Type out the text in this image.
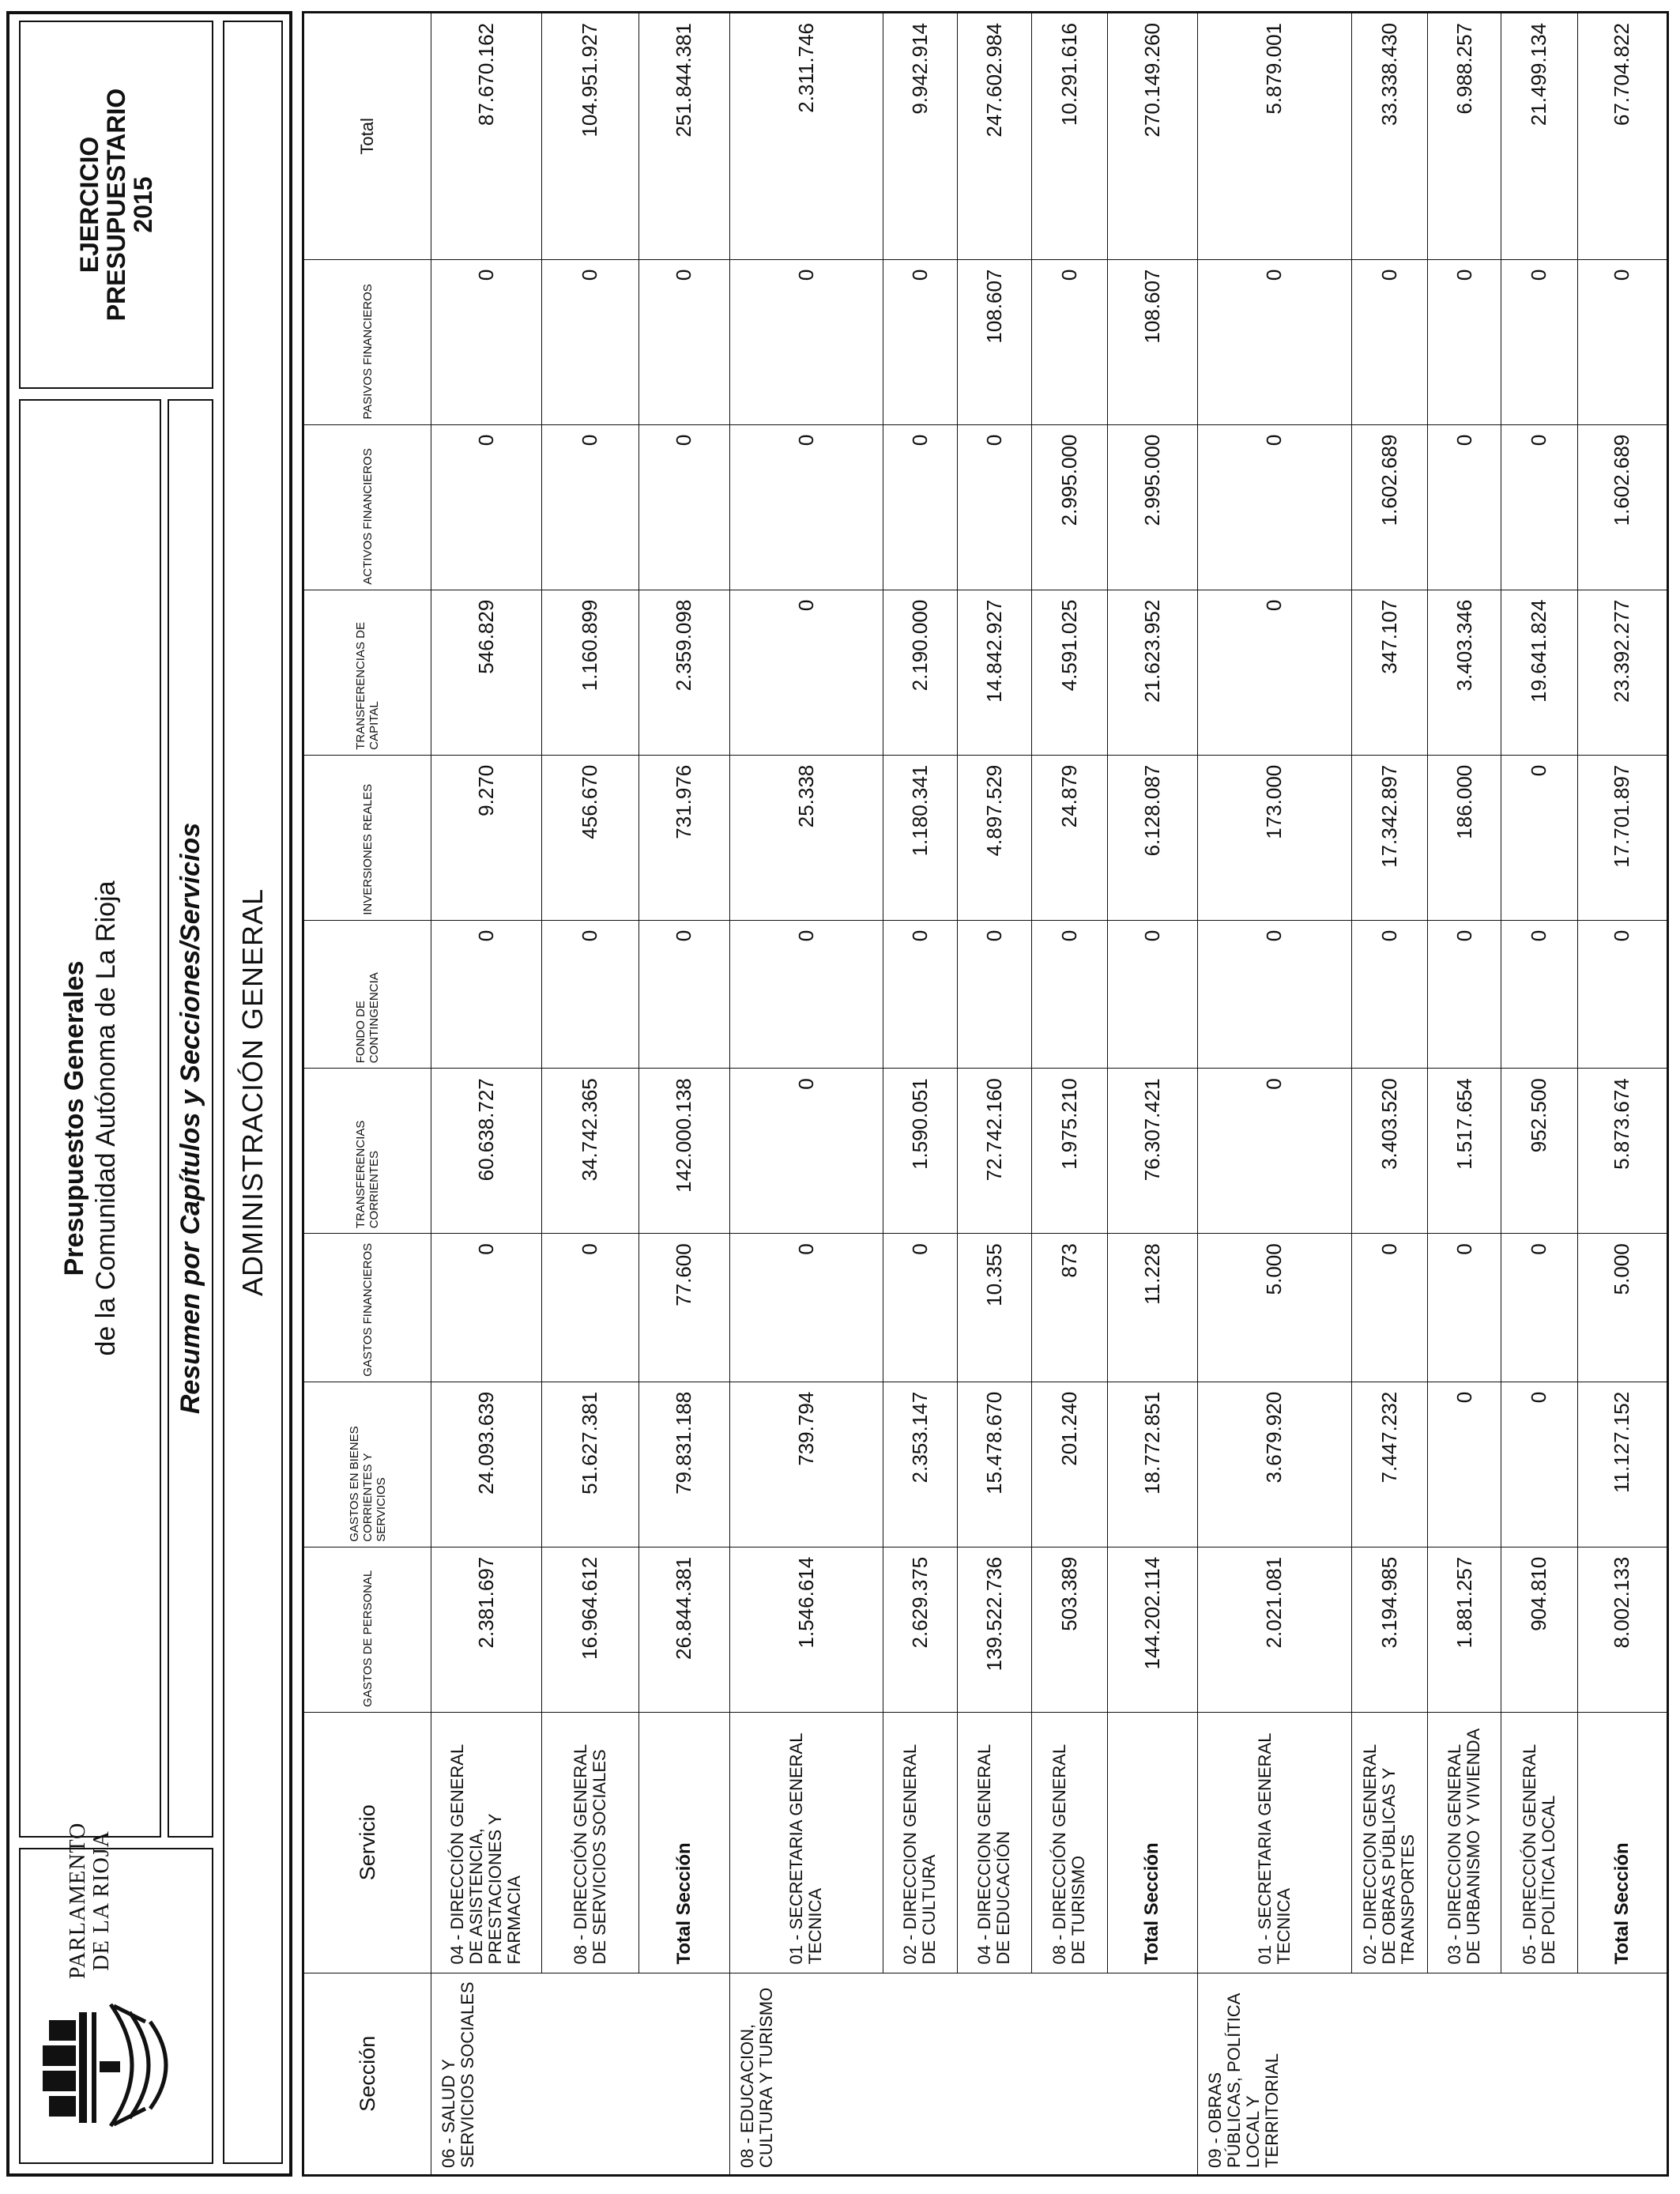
PARLAMENTO DE LA RIOJA
Presupuestos Generales de la Comunidad Autónoma de La Rioja Resumen por Capítulos y Secciones/Servicios
EJERCICIO
PRESUPUESTARIO
2015
ADMINISTRACIÓN GENERAL
Sección	Servicio	GASTOS DE PERSONAL	GASTOS EN BIENES CORRIENTES Y SERVICIOS	GASTOS FINANCIEROS	TRANSFERENCIAS CORRIENTES	FONDO DE CONTINGENCIA	INVERSIONES REALES	TRANSFERENCIAS DE CAPITAL	ACTIVOS FINANCIEROS	PASIVOS FINANCIEROS	Total
06 - SALUD Y SERVICIOS SOCIALES	04 - DIRECCIÓN GENERAL DE ASISTENCIA, PRESTACIONES Y FARMACIA	2.381.697	24.093.639	0	60.638.727	0	9.270	546.829	0	0	87.670.162
	08 - DIRECCIÓN GENERAL DE SERVICIOS SOCIALES	16.964.612	51.627.381	0	34.742.365	0	456.670	1.160.899	0	0	104.951.927
	Total Sección	26.844.381	79.831.188	77.600	142.000.138	0	731.976	2.359.098	0	0	251.844.381
08 - EDUCACION, CULTURA Y TURISMO	01 - SECRETARIA GENERAL TECNICA	1.546.614	739.794	0	0	0	25.338	0	0	0	2.311.746
	02 - DIRECCION GENERAL DE CULTURA	2.629.375	2.353.147	0	1.590.051	0	1.180.341	2.190.000	0	0	9.942.914
	04 - DIRECCION GENERAL DE EDUCACIÓN	139.522.736	15.478.670	10.355	72.742.160	0	4.897.529	14.842.927	0	108.607	247.602.984
	08 - DIRECCIÓN GENERAL DE TURISMO	503.389	201.240	873	1.975.210	0	24.879	4.591.025	2.995.000	0	10.291.616
	Total Sección	144.202.114	18.772.851	11.228	76.307.421	0	6.128.087	21.623.952	2.995.000	108.607	270.149.260
09 - OBRAS PÚBLICAS, POLÍTICA LOCAL Y TERRITORIAL	01 - SECRETARIA GENERAL TECNICA	2.021.081	3.679.920	5.000	0	0	173.000	0	0	0	5.879.001
	02 - DIRECCION GENERAL DE OBRAS PÚBLICAS Y TRANSPORTES	3.194.985	7.447.232	0	3.403.520	0	17.342.897	347.107	1.602.689	0	33.338.430
	03 - DIRECCION GENERAL DE URBANISMO Y VIVIENDA	1.881.257	0	0	1.517.654	0	186.000	3.403.346	0	0	6.988.257
	05 - DIRECCIÓN GENERAL DE POLÍTICA LOCAL	904.810	0	0	952.500	0	0	19.641.824	0	0	21.499.134
	Total Sección	8.002.133	11.127.152	5.000	5.873.674	0	17.701.897	23.392.277	1.602.689	0	67.704.822
